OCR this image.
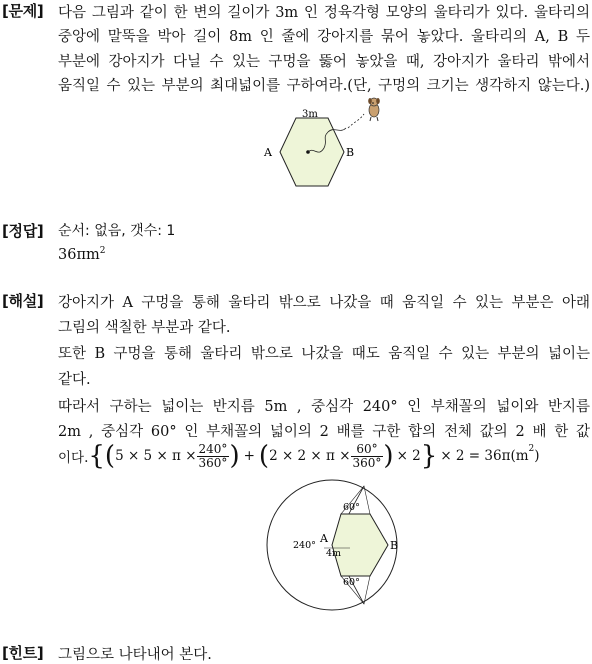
[문제] 다음 그림과 같이 한 변의 길이가 3m 인 정육각형 모양의 울타리가 있다. 울타리의
중앙에 말뚝을 박아 길이 8m 인 줄에 강아지를 묶어 놓았다. 울타리의 A, B 두
부분에 강아지가 다닐 수 있는 구멍을 뚫어 놓았을 때, 강아지가 울타리 밖에서
움직일 수 있는 부분의 최대넓이를 구하여라.(단, 구멍의 크기는 생각하지 않는다.)
3m
A	B
[정답] 순서: 없음, 갯수: 1
$36\pi m^2$
[해설] 강아지가 A 구멍을 통해 울타리 밖으로 나갔을 때 움직일 수 있는 부분은 아래
그림의 색칠한 부분과 같다.
또한 B 구멍을 통해 울타리 밖으로 나갔을 때도 움직일 수 있는 부분의 넓이는
같다.
따라서 구하는 넓이는 반지름 5m , 중심각 240° 인 부채꼴의 넓이와 반지름
2m , 중심각 60° 인 부채꼴의 넓이의 2 배를 구한 합의 전체 값의 2 배 한 값
이다. { ( $5 \times 5 \times \pi \times \frac{240^\circ}{360^\circ}$ ) + ( $2 \times 2 \times \pi \times \frac{60^\circ}{360^\circ}$ ) × 2 } × $2 = 36\pi(m^2$ )
60°
60°
240°
A
B
4m
[힌트] 그림으로 나타내어 본다.
